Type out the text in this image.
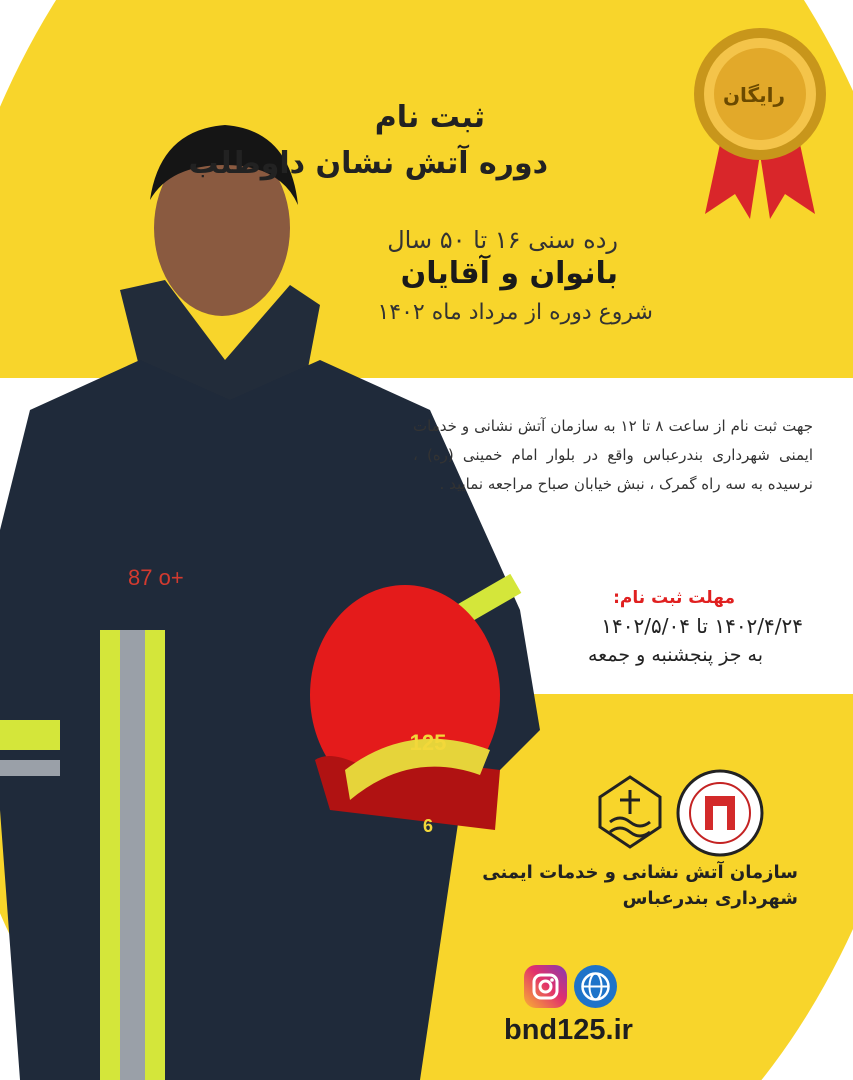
125
6
87 o+
رایگان
ثبت نام
دوره آتش نشان داوطلب
رده سنی ۱۶ تا ۵۰ سال
بانوان و آقایان
شروع دوره از مرداد ماه ۱۴۰۲
جهت ثبت نام از ساعت ۸ تا ۱۲ به سازمان آتش نشانی و خدمات ایمنی شهرداری بندرعباس واقع در بلوار امام خمینی (ره) ، نرسیده به سه راه گمرک ، نبش خیابان صباح مراجعه نمایید .
مهلت ثبت نام:
۱۴۰۲/۴/۲۴ تا ۱۴۰۲/۵/۰۴
به جز پنجشنبه و جمعه
سازمان آتش نشانی و خدمات ایمنی
شهرداری بندرعباس
bnd125.ir
